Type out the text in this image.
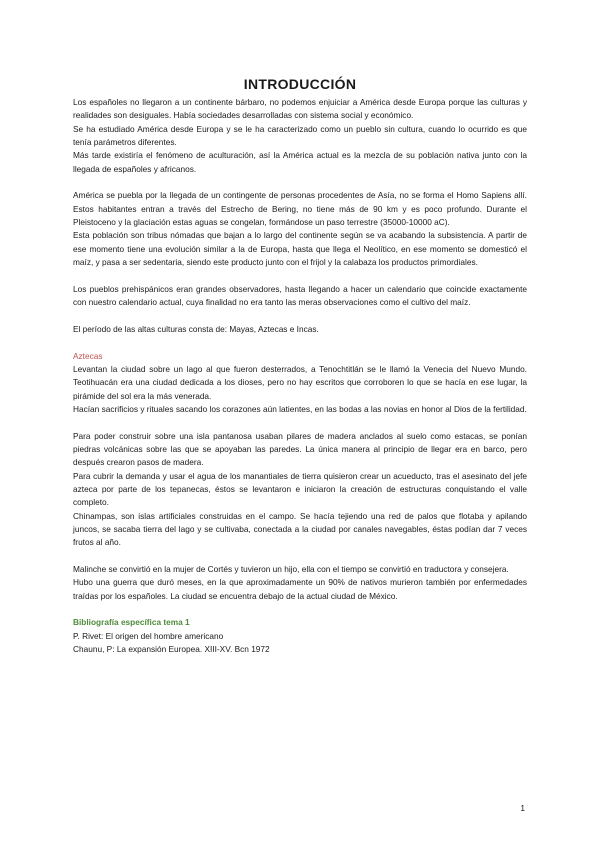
INTRODUCCIÓN

Los españoles no llegaron a un continente bárbaro, no podemos enjuiciar a América desde Europa porque las culturas y realidades son desiguales. Había sociedades desarrolladas con sistema social y económico.

Se ha estudiado América desde Europa y se le ha caracterizado como un pueblo sin cultura, cuando lo ocurrido es que tenía parámetros diferentes.

Más tarde existiría el fenómeno de aculturación, así la América actual es la mezcla de su población nativa junto con la llegada de españoles y africanos.

América se puebla por la llegada de un contingente de personas procedentes de Asía, no se forma el Homo Sapiens allí. Estos habitantes entran a través del Estrecho de Bering, no tiene más de 90 km y es poco profundo. Durante el Pleistoceno y la glaciación estas aguas se congelan, formándose un paso terrestre (35000-10000 aC).

Esta población son tribus nómadas que bajan a lo largo del continente según se va acabando la subsistencia. A partir de ese momento tiene una evolución similar a la de Europa, hasta que llega el Neolítico, en ese momento se domesticó el maíz, y pasa a ser sedentaria, siendo este producto junto con el frijol y la calabaza los productos primordiales.

Los pueblos prehispánicos eran grandes observadores, hasta llegando a hacer un calendario que coincide exactamente con nuestro calendario actual, cuya finalidad no era tanto las meras observaciones como el cultivo del maíz.

El período de las altas culturas consta de: Mayas, Aztecas e Incas.

Aztecas

Levantan la ciudad sobre un lago al que fueron desterrados, a Tenochtitlán se le llamó la Venecia del Nuevo Mundo. Teotihuacán era una ciudad dedicada a los dioses, pero no hay escritos que corroboren lo que se hacía en ese lugar, la pirámide del sol era la más venerada.

Hacían sacrificios y rituales sacando los corazones aún latientes, en las bodas a las novias en honor al Dios de la fertilidad.

Para poder construir sobre una isla pantanosa usaban pilares de madera anclados al suelo como estacas, se ponían piedras volcánicas sobre las que se apoyaban las paredes. La única manera al principio de llegar era en barco, pero después crearon pasos de madera.

Para cubrir la demanda y usar el agua de los manantiales de tierra quisieron crear un acueducto, tras el asesinato del jefe azteca por parte de los tepanecas, éstos se levantaron e iniciaron la creación de estructuras conquistando el valle completo.

Chinampas, son islas artificiales construidas en el campo. Se hacía tejiendo una red de palos que flotaba y apilando juncos, se sacaba tierra del lago y se cultivaba, conectada a la ciudad por canales navegables, éstas podían dar 7 veces frutos al año.

Malinche se convirtió en la mujer de Cortés y tuvieron un hijo, ella con el tiempo se convirtió en traductora y consejera.

Hubo una guerra que duró meses, en la que aproximadamente un 90% de nativos murieron también por enfermedades traídas por los españoles. La ciudad se encuentra debajo de la actual ciudad de México.

Bibliografía específica tema 1

P. Rivet: El origen del hombre americano

Chaunu, P: La expansión Europea. XIII-XV. Bcn 1972

1
